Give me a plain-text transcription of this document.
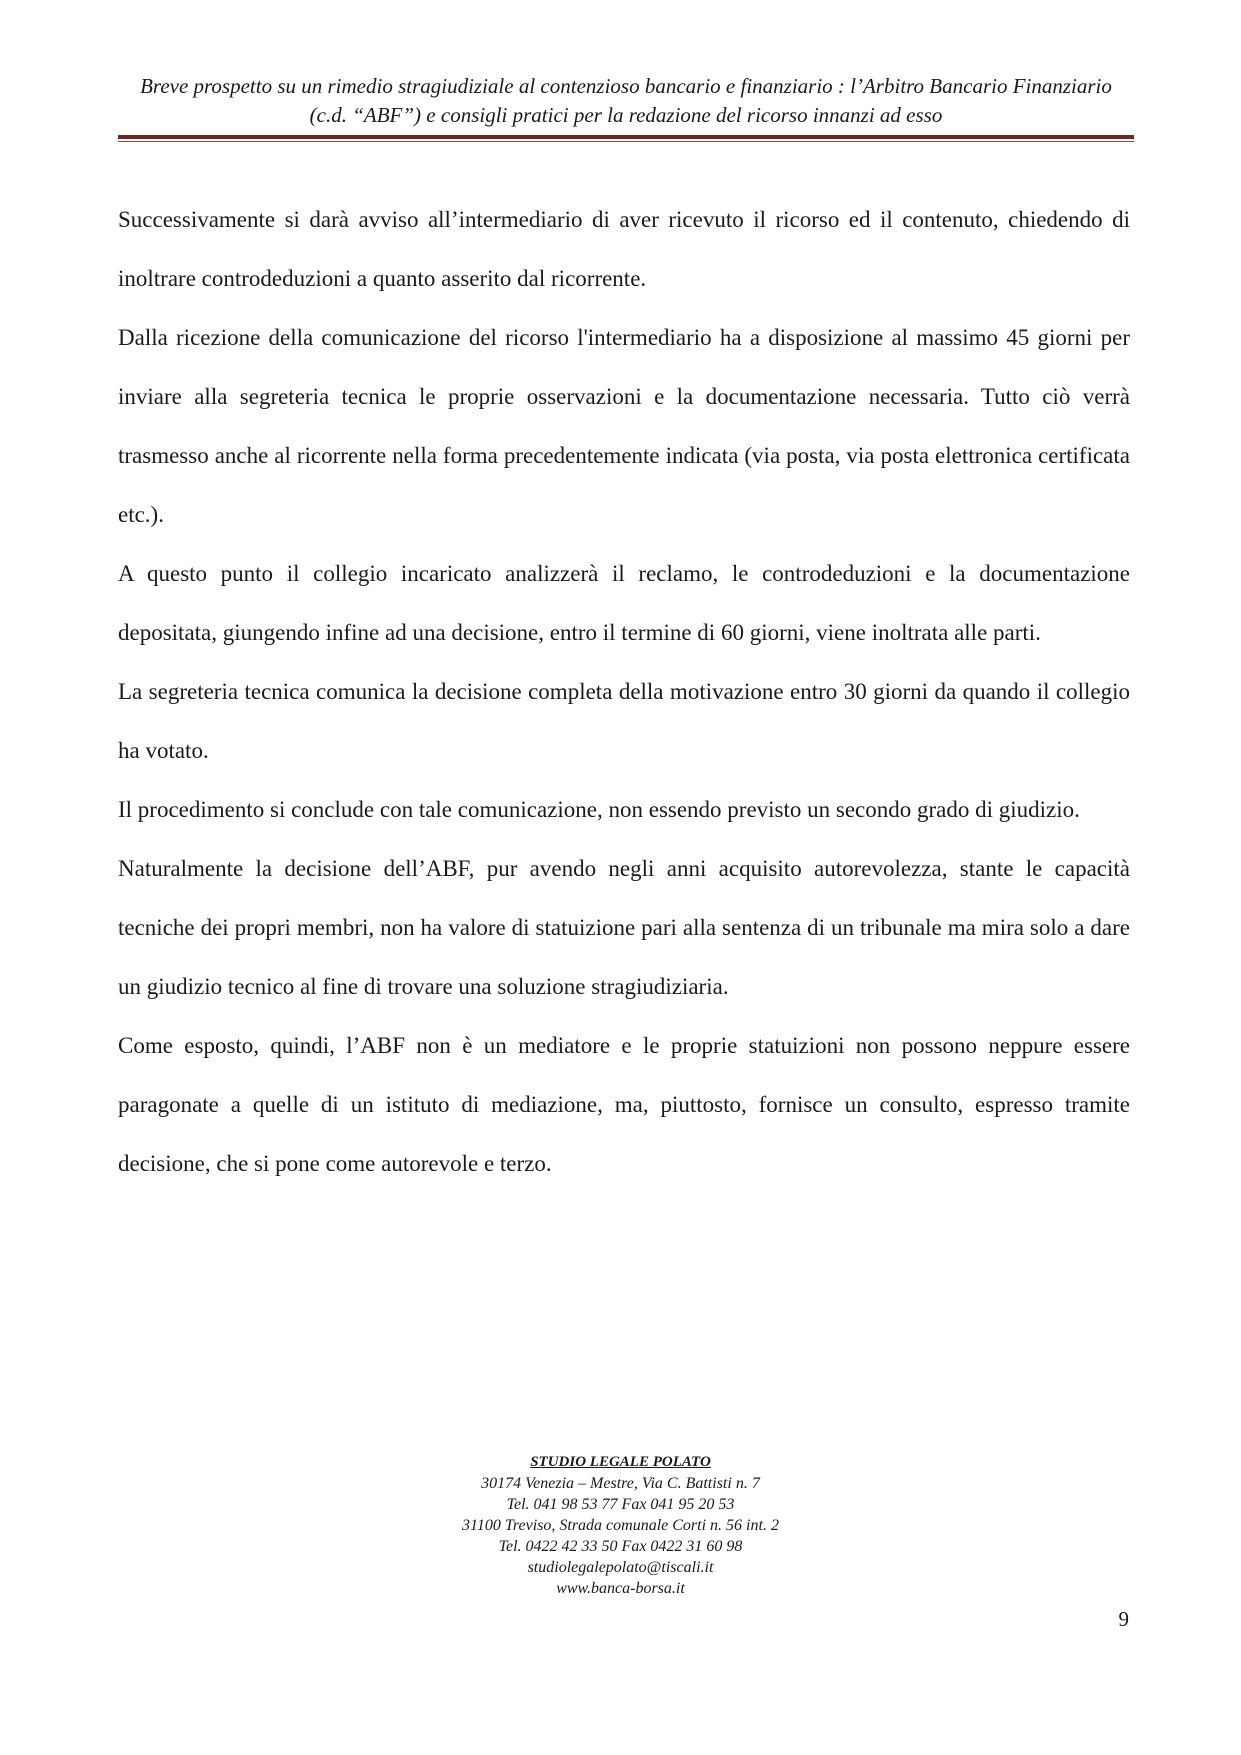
Breve prospetto su un rimedio stragiudiziale al contenzioso bancario e finanziario : l’Arbitro Bancario Finanziario
(c.d. “ABF”) e consigli pratici per la redazione del ricorso innanzi ad esso

Successivamente si darà avviso all’intermediario di aver ricevuto il ricorso ed il contenuto, chiedendo di inoltrare controdeduzioni a quanto asserito dal ricorrente.

Dalla ricezione della comunicazione del ricorso l'intermediario ha a disposizione al massimo 45 giorni per inviare alla segreteria tecnica le proprie osservazioni e la documentazione necessaria. Tutto ciò verrà trasmesso anche al ricorrente nella forma precedentemente indicata (via posta, via posta elettronica certificata etc.).

A questo punto il collegio incaricato analizzerà il reclamo, le controdeduzioni e la documentazione depositata, giungendo infine ad una decisione, entro il termine di 60 giorni, viene inoltrata alle parti.

La segreteria tecnica comunica la decisione completa della motivazione entro 30 giorni da quando il collegio ha votato.

Il procedimento si conclude con tale comunicazione, non essendo previsto un secondo grado di giudizio.

Naturalmente la decisione dell’ABF, pur avendo negli anni acquisito autorevolezza, stante le capacità tecniche dei propri membri, non ha valore di statuizione pari alla sentenza di un tribunale ma mira solo a dare un giudizio tecnico al fine di trovare una soluzione stragiudiziaria.

Come esposto, quindi, l’ABF non è un mediatore e le proprie statuizioni non possono neppure essere paragonate a quelle di un istituto di mediazione, ma, piuttosto, fornisce un consulto, espresso tramite decisione, che si pone come autorevole e terzo.

STUDIO LEGALE POLATO
30174 Venezia – Mestre, Via C. Battisti n. 7
Tel. 041 98 53 77 Fax 041 95 20 53
31100 Treviso, Strada comunale Corti n. 56 int. 2
Tel. 0422 42 33 50 Fax 0422 31 60 98
studiolegalepolato@tiscali.it
www.banca-borsa.it
9
